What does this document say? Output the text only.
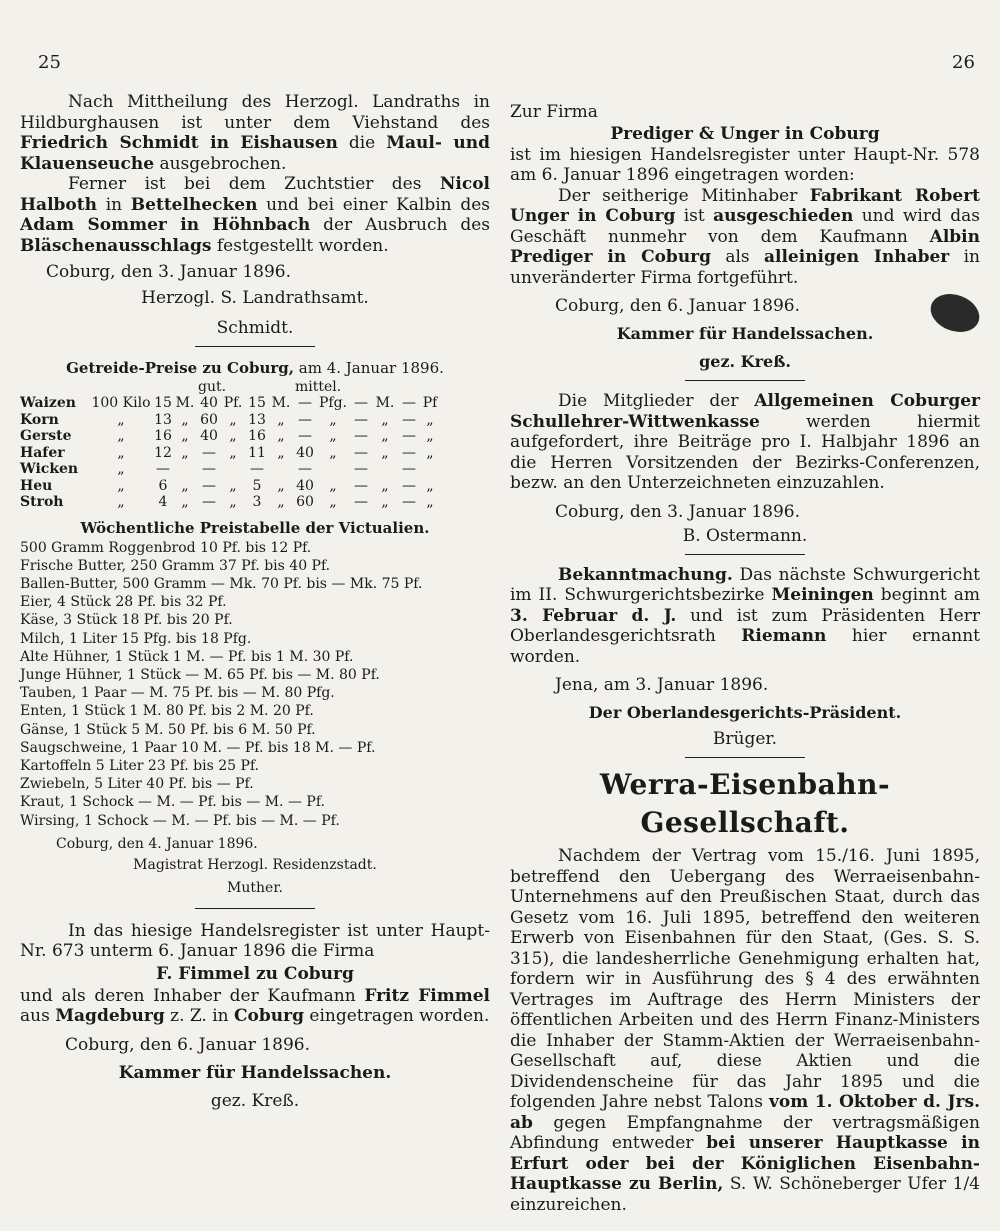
25	26

Nach Mittheilung des Herzogl. Landraths in Hildburghausen ist unter dem Viehstand des Friedrich Schmidt in Eishausen die Maul- und Klauenseuche ausgebrochen.

Ferner ist bei dem Zuchtstier des Nicol Halboth in Bettelhecken und bei einer Kalbin des Adam Sommer in Höhnbach der Ausbruch des Bläschenausschlags festgestellt worden.

Coburg, den 3. Januar 1896.
Herzogl. S. Landrathsamt.
Schmidt.
Getreide-Preise zu Coburg, am 4. Januar 1896.
gut.	mittel.
Waizen	100 Kilo	15	M.	40	Pf.	15	M.	—	Pfg.	—	M.	—	Pf
Korn	„	13	„	60	„	13	„	—	„	—	„	—	„
Gerste	„	16	„	40	„	16	„	—	„	—	„	—	„
Hafer	„	12	„	—	„	11	„	40	„	—	„	—	„
Wicken	„	—		—		—		—		—		—	
Heu	„	6	„	—	„	5	„	40	„	—	„	—	„
Stroh	„	4	„	—	„	3	„	60	„	—	„	—	„
Wöchentliche Preistabelle der Victualien.
500 Gramm Roggenbrod 10 Pf. bis 12 Pf.
Frische Butter, 250 Gramm 37 Pf. bis 40 Pf.
Ballen-Butter, 500 Gramm — Mk. 70 Pf. bis — Mk. 75 Pf.
Eier, 4 Stück 28 Pf. bis 32 Pf.
Käse, 3 Stück 18 Pf. bis 20 Pf.
Milch, 1 Liter 15 Pfg. bis 18 Pfg.
Alte Hühner, 1 Stück 1 M. — Pf. bis 1 M. 30 Pf.
Junge Hühner, 1 Stück — M. 65 Pf. bis — M. 80 Pf.
Tauben, 1 Paar — M. 75 Pf. bis — M. 80 Pfg.
Enten, 1 Stück 1 M. 80 Pf. bis 2 M. 20 Pf.
Gänse, 1 Stück 5 M. 50 Pf. bis 6 M. 50 Pf.
Saugschweine, 1 Paar 10 M. — Pf. bis 18 M. — Pf.
Kartoffeln 5 Liter 23 Pf. bis 25 Pf.
Zwiebeln, 5 Liter 40 Pf. bis — Pf.
Kraut, 1 Schock — M. — Pf. bis — M. — Pf.
Wirsing, 1 Schock — M. — Pf. bis — M. — Pf.
Coburg, den 4. Januar 1896.
Magistrat Herzogl. Residenzstadt.
Muther.

In das hiesige Handelsregister ist unter Haupt-Nr. 673 unterm 6. Januar 1896 die Firma

F. Fimmel zu Coburg

und als deren Inhaber der Kaufmann Fritz Fimmel aus Magdeburg z. Z. in Coburg eingetragen worden.

Coburg, den 6. Januar 1896.
Kammer für Handelssachen.
gez. Kreß.
Zur Firma
Prediger & Unger in Coburg

ist im hiesigen Handelsregister unter Haupt-Nr. 578 am 6. Januar 1896 eingetragen worden:

Der seitherige Mitinhaber Fabrikant Robert Unger in Coburg ist ausgeschieden und wird das Geschäft nunmehr von dem Kaufmann Albin Prediger in Coburg als alleinigen Inhaber in unveränderter Firma fortgeführt.

Coburg, den 6. Januar 1896.
Kammer für Handelssachen.
gez. Kreß.

Die Mitglieder der Allgemeinen Coburger Schullehrer-Wittwenkasse werden hiermit aufgefordert, ihre Beiträge pro I. Halbjahr 1896 an die Herren Vorsitzenden der Bezirks-Conferenzen, bezw. an den Unterzeichneten einzuzahlen.

Coburg, den 3. Januar 1896.
B. Ostermann.

Bekanntmachung. Das nächste Schwurgericht im II. Schwurgerichtsbezirke Meiningen beginnt am 3. Februar d. J. und ist zum Präsidenten Herr Oberlandesgerichtsrath Riemann hier ernannt worden.

Jena, am 3. Januar 1896.
Der Oberlandesgerichts-Präsident.
Brüger.
Werra-Eisenbahn-Gesellschaft.

Nachdem der Vertrag vom 15./16. Juni 1895, betreffend den Uebergang des Werraeisenbahn-Unternehmens auf den Preußischen Staat, durch das Gesetz vom 16. Juli 1895, betreffend den weiteren Erwerb von Eisenbahnen für den Staat, (Ges. S. S. 315), die landesherrliche Genehmigung erhalten hat, fordern wir in Ausführung des § 4 des erwähnten Vertrages im Auftrage des Herrn Ministers der öffentlichen Arbeiten und des Herrn Finanz-Ministers die Inhaber der Stamm-Aktien der Werraeisenbahn-Gesellschaft auf, diese Aktien und die Dividendenscheine für das Jahr 1895 und die folgenden Jahre nebst Talons vom 1. Oktober d. Jrs. ab gegen Empfangnahme der vertragsmäßigen Abfindung entweder bei unserer Hauptkasse in Erfurt oder bei der Königlichen Eisenbahn-Hauptkasse zu Berlin, S. W. Schöneberger Ufer 1/4 einzureichen.
